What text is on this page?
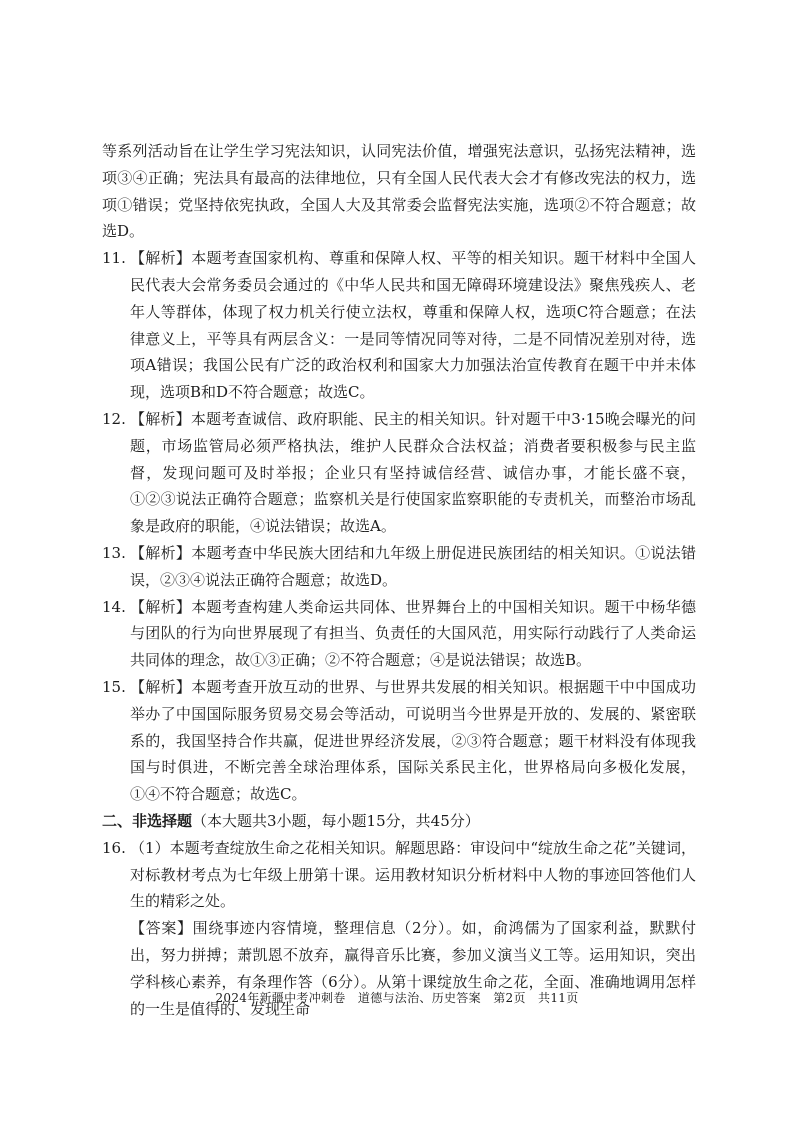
等系列活动旨在让学生学习宪法知识，认同宪法价值，增强宪法意识，弘扬宪法精神，选项③④正确；宪法具有最高的法律地位，只有全国人民代表大会才有修改宪法的权力，选项①错误；党坚持依宪执政，全国人大及其常委会监督宪法实施，选项②不符合题意；故选D。

11. 【解析】本题考查国家机构、尊重和保障人权、平等的相关知识。题干材料中全国人民代表大会常务委员会通过的《中华人民共和国无障碍环境建设法》聚焦残疾人、老年人等群体，体现了权力机关行使立法权，尊重和保障人权，选项C符合题意；在法律意义上，平等具有两层含义：一是同等情况同等对待，二是不同情况差别对待，选项A错误；我国公民有广泛的政治权利和国家大力加强法治宣传教育在题干中并未体现，选项B和D不符合题意；故选C。
12. 【解析】本题考查诚信、政府职能、民主的相关知识。针对题干中3·15晚会曝光的问题，市场监管局必须严格执法，维护人民群众合法权益；消费者要积极参与民主监督，发现问题可及时举报；企业只有坚持诚信经营、诚信办事，才能长盛不衰，①②③说法正确符合题意；监察机关是行使国家监察职能的专责机关，而整治市场乱象是政府的职能，④说法错误；故选A。
13. 【解析】本题考查中华民族大团结和九年级上册促进民族团结的相关知识。①说法错误，②③④说法正确符合题意；故选D。
14. 【解析】本题考查构建人类命运共同体、世界舞台上的中国相关知识。题干中杨华德与团队的行为向世界展现了有担当、负责任的大国风范，用实际行动践行了人类命运共同体的理念，故①③正确；②不符合题意；④是说法错误；故选B。
15. 【解析】本题考查开放互动的世界、与世界共发展的相关知识。根据题干中中国成功举办了中国国际服务贸易交易会等活动，可说明当今世界是开放的、发展的、紧密联系的，我国坚持合作共赢，促进世界经济发展，②③符合题意；题干材料没有体现我国与时俱进，不断完善全球治理体系，国际关系民主化，世界格局向多极化发展，①④不符合题意；故选C。

二、非选择题（本大题共3小题，每小题15分，共45分）

16. （1）本题考查绽放生命之花相关知识。解题思路：审设问中“绽放生命之花”关键词，对标教材考点为七年级上册第十课。运用教材知识分析材料中人物的事迹回答他们人生的精彩之处。

【答案】围绕事迹内容情境，整理信息（2分）。如，俞鸿儒为了国家利益，默默付出，努力拼搏；萧凯恩不放弃，赢得音乐比赛，参加义演当义工等。运用知识，突出学科核心素养，有条理作答（6分）。从第十课绽放生命之花，全面、准确地调用怎样的一生是值得的、发现生命

2024年新疆中考冲刺卷　道德与法治、历史答案　第2页　共11页
